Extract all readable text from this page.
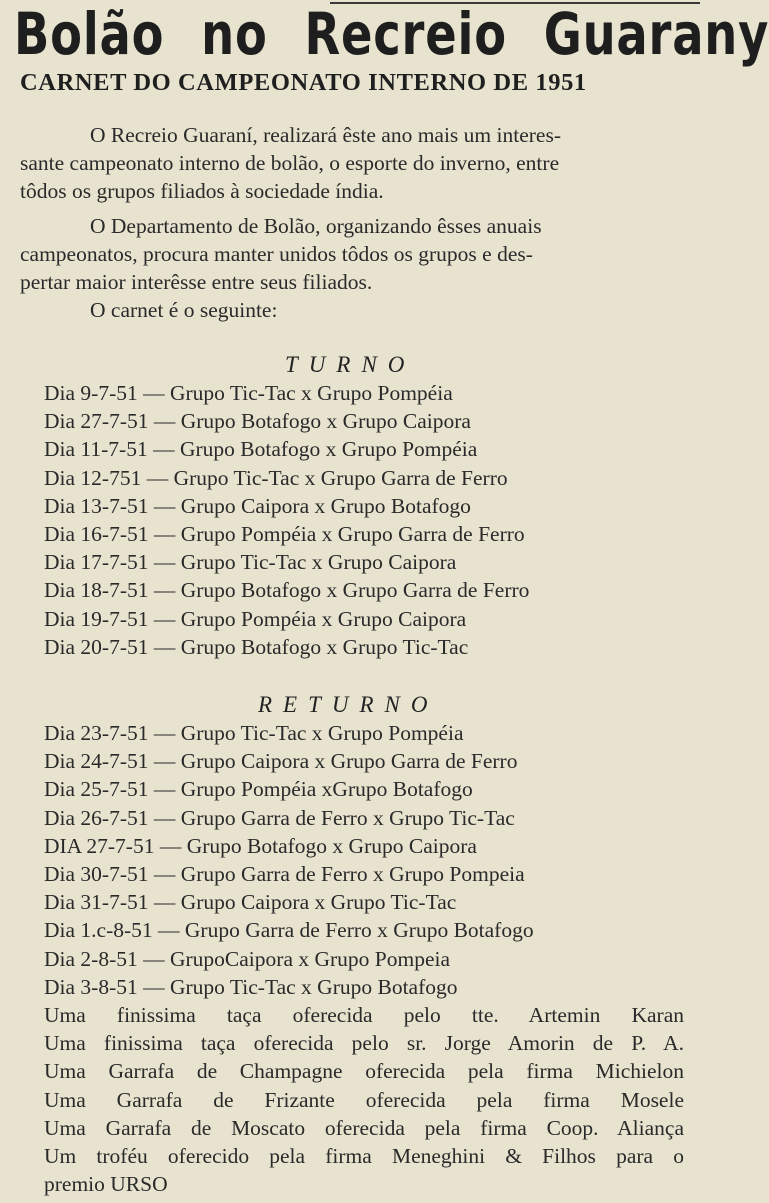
Bolão no Recreio Guarany
CARNET DO CAMPEONATO INTERNO DE 1951
O Recreio Guaraní, realizará êste ano mais um interes-
sante campeonato interno de bolão, o esporte do inverno, entre
tôdos os grupos filiados à sociedade índia.
O Departamento de Bolão, organizando êsses anuais
campeonatos, procura manter unidos tôdos os grupos e des-
pertar maior interêsse entre seus filiados.
O carnet é o seguinte:
TURNO
Dia 9-7-51 — Grupo Tic-Tac x Grupo Pompéia
Dia 27-7-51 — Grupo Botafogo x Grupo Caipora
Dia 11-7-51 — Grupo Botafogo x Grupo Pompéia
Dia 12-751 — Grupo Tic-Tac x Grupo Garra de Ferro
Dia 13-7-51 — Grupo Caipora x Grupo Botafogo
Dia 16-7-51 — Grupo Pompéia x Grupo Garra de Ferro
Dia 17-7-51 — Grupo Tic-Tac x Grupo Caipora
Dia 18-7-51 — Grupo Botafogo x Grupo Garra de Ferro
Dia 19-7-51 — Grupo Pompéia x Grupo Caipora
Dia 20-7-51 — Grupo Botafogo x Grupo Tic-Tac
RETURNO
Dia 23-7-51 — Grupo Tic-Tac x Grupo Pompéia
Dia 24-7-51 — Grupo Caipora x Grupo Garra de Ferro
Dia 25-7-51 — Grupo Pompéia xGrupo Botafogo
Dia 26-7-51 — Grupo Garra de Ferro x Grupo Tic-Tac
DIA 27-7-51 — Grupo Botafogo x Grupo Caipora
Dia 30-7-51 — Grupo Garra de Ferro x Grupo Pompeia
Dia 31-7-51 — Grupo Caipora x Grupo Tic-Tac
Dia 1.c-8-51 — Grupo Garra de Ferro x Grupo Botafogo
Dia 2-8-51 — GrupoCaipora x Grupo Pompeia
Dia 3-8-51 — Grupo Tic-Tac x Grupo Botafogo
Uma finissima taça oferecida pelo tte. Artemin Karan
Uma finissima taça oferecida pelo sr. Jorge Amorin de P. A.
Uma Garrafa de Champagne oferecida pela firma Michielon
Uma Garrafa de Frizante oferecida pela firma Mosele
Uma Garrafa de Moscato oferecida pela firma Coop. Aliança
Um troféu oferecido pela firma Meneghini & Filhos para o
premio URSO
